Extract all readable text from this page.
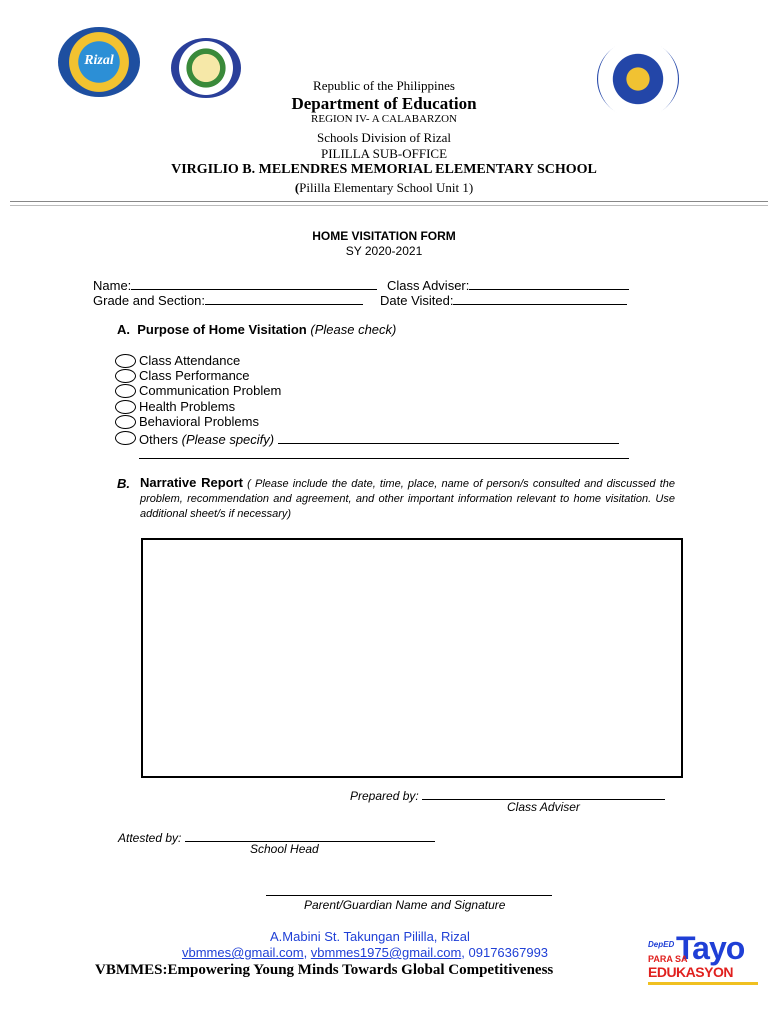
Rizal
Republic of the Philippines
Department of Education
REGION IV- A CALABARZON
Schools Division of Rizal
PILILLA SUB-OFFICE
VIRGILIO B. MELENDRES MEMORIAL ELEMENTARY SCHOOL
(Pililla Elementary School Unit 1)
HOME VISITATION FORM
SY 2020-2021
Name:	Class Adviser:
Grade and Section:	Date Visited:
A. Purpose of Home Visitation (Please check)
Class Attendance
Class Performance
Communication Problem
Health Problems
Behavioral Problems
Others (Please specify)
B. Narrative Report ( Please include the date, time, place, name of person/s consulted and discussed the problem, recommendation and agreement, and other important information relevant to home visitation. Use additional sheet/s if necessary)
Prepared by:
Class Adviser
Attested by:
School Head
Parent/Guardian Name and Signature
A.Mabini St. Takungan Pililla, Rizal
vbmmes@gmail.com, vbmmes1975@gmail.com, 09176367993
VBMMES:Empowering Young Minds Towards Global Competitiveness
DepED Tayo
PARA SA
EDUKASYON
